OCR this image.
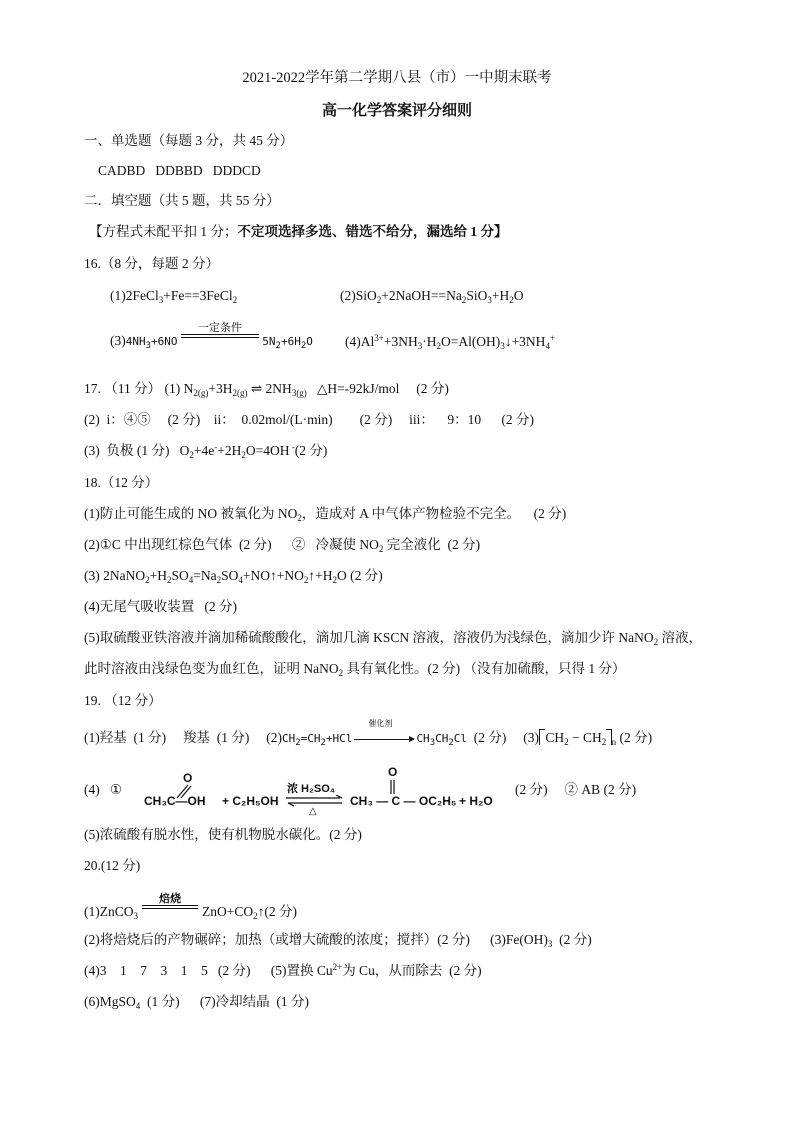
2021-2022学年第二学期八县（市）一中期末联考
高一化学答案评分细则
一、单选题（每题 3 分，共 45 分）
CADBD   DDBBD   DDDCD
二．填空题（共 5 题，共 55 分）
【方程式未配平扣 1 分；不定项选择多选、错选不给分，漏选给 1 分】
16.（8 分，每题 2 分）
(1)2FeCl$_3$+Fe==3FeCl$_2$	$(2)SiO_2+2NaOH==Na_2SiO_3+H_2O$
$(3)4NH_3+6NO$
一定条件
$5N_2+6H_2O$ $(4)Al^{3+}+3NH_3\cdot H_2O=Al(OH)_3↓+3NH_4^+$
17. （11 分） (1) $N_{2(g)}+3H_{2(g)}$ ⇌ $2NH_{3(g)}$   △H=-92kJ/mol     (2 分)
(2)  i：④⑤     (2 分)    ii：  0.02mol/(L·min)        (2 分)     iii：    9：10      (2 分)
(3)  负极 (1 分)   $O_2+4e^-+2H_2O=4OH$ -(2 分)
18.（12 分）
(1)防止可能生成的 NO 被氧化为 $NO_2$，造成对 A 中气体产物检验不完全。    (2 分)
(2)①C 中出现红棕色气体  (2 分)      ②   冷凝使 $NO_2$ 完全液化  (2 分)
(3) $2NaNO_2+H_2SO_4=Na_2SO_4+NO↑+NO_2↑+H_2O$ (2 分)
(4)无尾气吸收装置   (2 分)
(5)取硫酸亚铁溶液并滴加稀硫酸酸化，滴加几滴 KSCN 溶液，溶液仍为浅绿色，滴加少许 NaNO$_2$ 溶液，
此时溶液由浅绿色变为血红色，证明 NaNO$_2$ 具有氧化性。(2 分) （没有加硫酸，只得 1 分）
19. （12 分）
(1)羟基  (1 分)     羧基  (1 分)     $(2)CH_2=CH_2+HCl$
催化剂
$CH_3CH_2Cl$  (2 分)     (3) $CH_2 - CH_2$ $_n$ (2 分)
(4)   ①
O
CH₃C—OH + C₂H₅OH
浓 H₂SO₄
△
O
CH₃ — C — OC₂H₅ + H₂O
(2 分)     ② AB (2 分)
(5)浓硫酸有脱水性，使有机物脱水碳化。(2 分)
20.(12 分)
(1)ZnCO$_3$
焙烧
$ZnO+CO_2↑(2$ 分)
(2)将焙烧后的产物碾碎；加热（或增大硫酸的浓度；搅拌）(2 分)      $(3)Fe(OH)_3$  (2 分)
(4)3    1    7    3    1    5   (2 分)      (5)置换 $Cu^{2+}$为 Cu，从而除去  (2 分)
(6)MgSO$_4$  (1 分)      (7)冷却结晶  (1 分)
